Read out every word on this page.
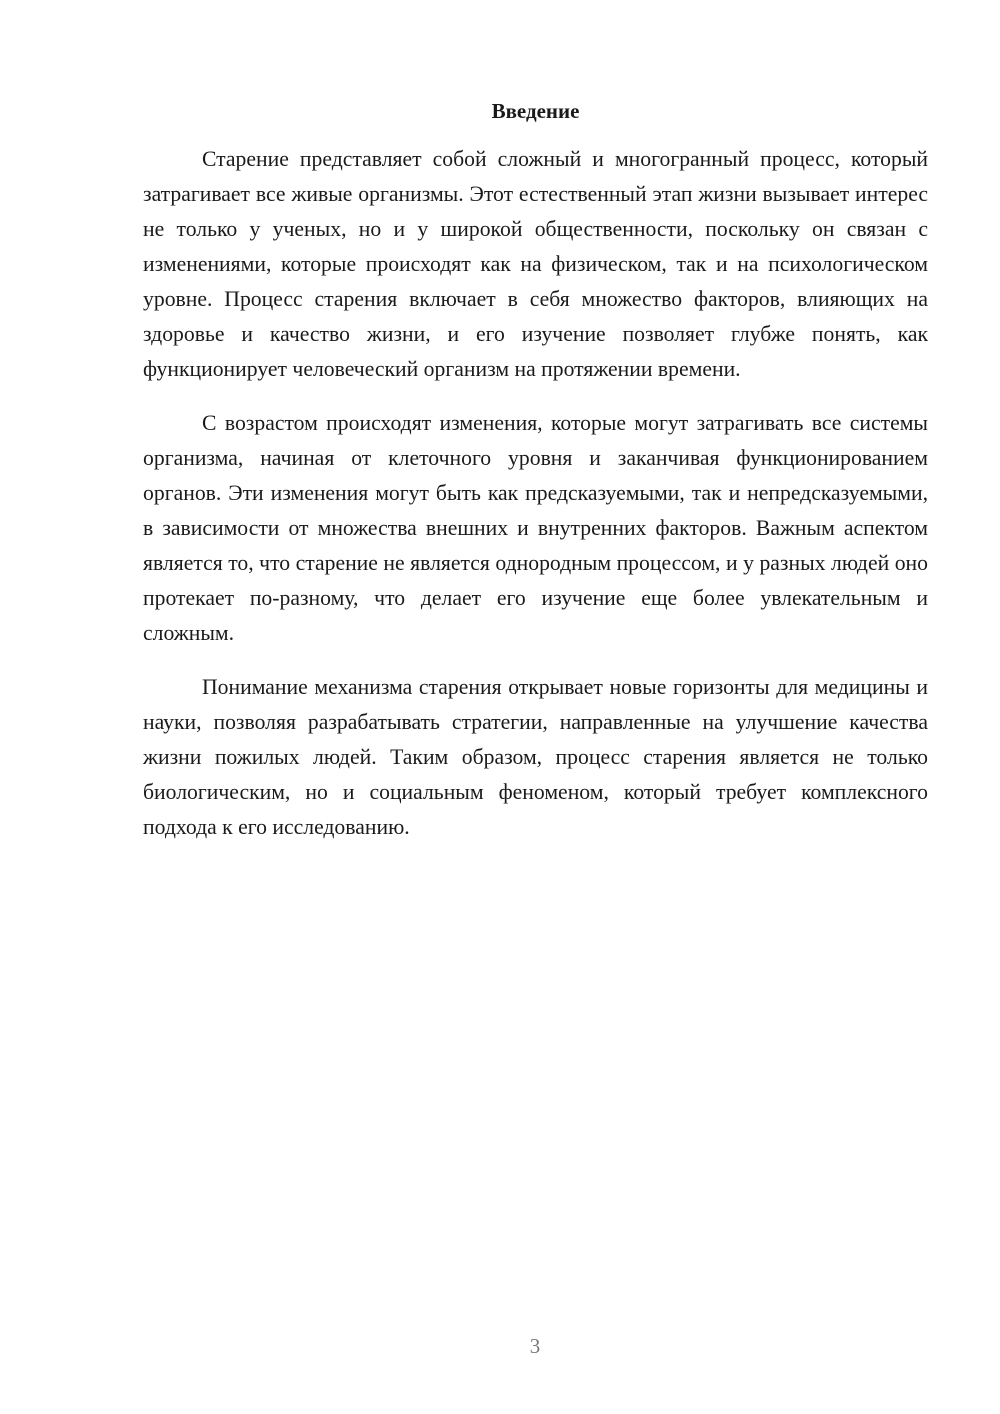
Введение

Старение представляет собой сложный и многогранный процесс, который затрагивает все живые организмы. Этот естественный этап жизни вызывает интерес не только у ученых, но и у широкой общественности, поскольку он связан с изменениями, которые происходят как на физическом, так и на психологическом уровне. Процесс старения включает в себя множество факторов, влияющих на здоровье и качество жизни, и его изучение позволяет глубже понять, как функционирует человеческий организм на протяжении времени.

С возрастом происходят изменения, которые могут затрагивать все системы организма, начиная от клеточного уровня и заканчивая функционированием органов. Эти изменения могут быть как предсказуемыми, так и непредсказуемыми, в зависимости от множества внешних и внутренних факторов. Важным аспектом является то, что старение не является однородным процессом, и у разных людей оно протекает по-разному, что делает его изучение еще более увлекательным и сложным.

Понимание механизма старения открывает новые горизонты для медицины и науки, позволяя разрабатывать стратегии, направленные на улучшение качества жизни пожилых людей. Таким образом, процесс старения является не только биологическим, но и социальным феноменом, который требует комплексного подхода к его исследованию.

3
